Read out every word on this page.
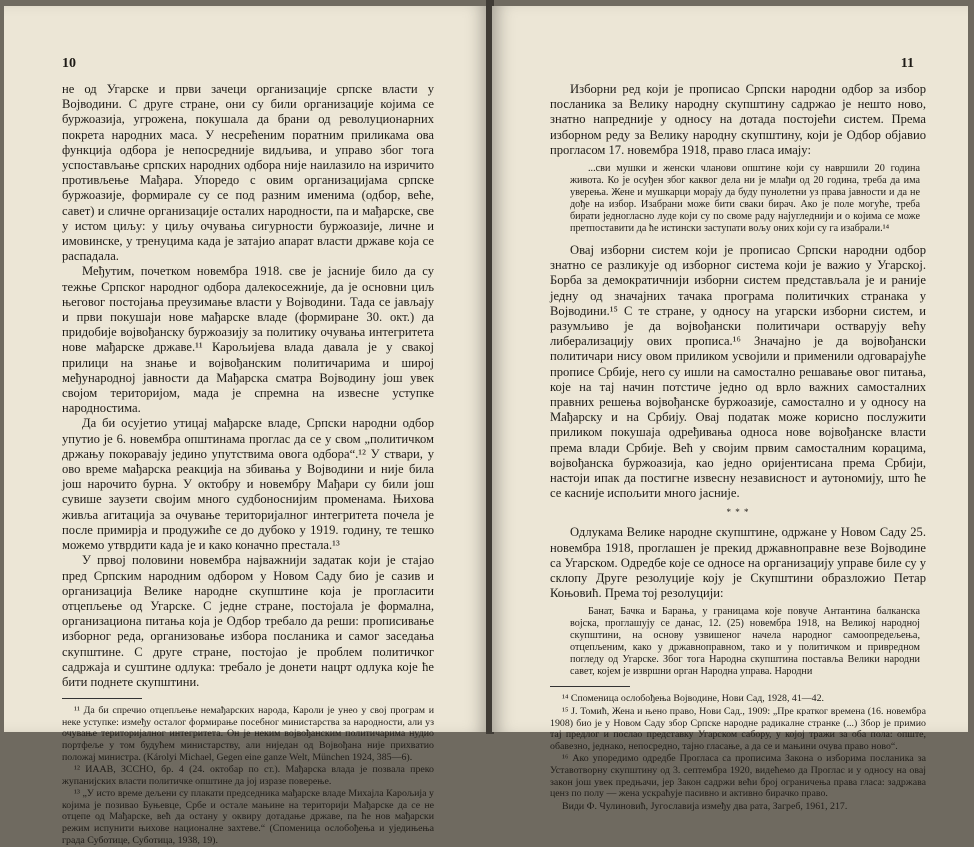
10

не од Угарске и први зачеци организације српске власти у Војводини. С друге стране, они су били организације којима се буржоазија, угрожена, покушала да брани од револуционарних покрета народних маса. У несрећеним поратним приликама ова функција одбора је непосредније видљива, и управо због тога успостављање српских народних одбора није наилазило на изричито противљење Мађара. Упоредо с овим организацијама српске буржоазије, формирале су се под разним именима (одбор, веће, савет) и сличне организације осталих народности, па и мађарске, све у истом циљу: у циљу очувања сигурности буржоазије, личне и имовинске, у тренуцима када је затајио апарат власти државе која се распадала.

Међутим, почетком новембра 1918. све је јасније било да су тежње Српског народног одбора далекосежније, да је основни циљ његовог постојања преузимање власти у Војводини. Тада се јављају и први покушаји нове мађарске владе (формиране 30. окт.) да придобије војвођанску буржоазију за политику очувања интегритета нове мађарске државе.¹¹ Карољијева влада давала је у свакој прилици на знање и војвођанским политичарима и широј међународној јавности да Мађарска сматра Војводину још увек својом територијом, мада је спремна на извесне уступке народностима.

Да би осујетио утицај мађарске владе, Српски народни одбор упутио је 6. новембра општинама проглас да се у свом „политичком држању покоравају једино упутствима овога одбора“.¹² У ствари, у ово време мађарска реакција на збивања у Војводини и није била још нарочито бурна. У октобру и новембру Мађари су били још сувише заузети својим много судбоноснијим променама. Њихова живља агитација за очување територијалног интегритета почела је после примирја и продужиће се до дубоко у 1919. годину, те тешко можемо утврдити када је и како коначно престала.¹³

У првој половини новембра најважнији задатак који је стајао пред Српским народним одбором у Новом Саду био је сазив и организација Велике народне скупштине која је прогласити отцепљење од Угарске. С једне стране, постојала је формална, организациона питања која је Одбор требало да реши: прописивање изборног реда, организовање избора посланика и самог заседања скупштине. С друге стране, постојао је проблем политичког садржаја и суштине одлука: требало је донети нацрт одлука које ће бити поднете скупштини.

¹¹ Да би спречио отцепљење немађарских народа, Кароли је унео у свој програм и неке уступке: између осталог формирање посебног министарства за народности, али уз очување територијалног интегритета. Он је неким војвођанским политичарима нудио портфеље у том будућем министарству, али ниједан од Војвођана није прихватио положај министра. (Károlyi Michael, Gegen eine ganze Welt, München 1924, 385—6).

¹² ИААВ, ЗССНО, бр. 4 (24. октобар по ст.). Мађарска влада је позвала преко жупанијских власти политичке општине да јој изразе поверење.

¹³ „У исто време дељени су плакати председника мађарске владе Михајла Карољија у којима је позивао Буњевце, Србе и остале мањине на територији Мађарске да се не отцепе од Мађарске, већ да остану у оквиру дотадање државе, па ће нов мађарски режим испунити њихове националне захтеве.“ (Споменица ослобођења и уједињења града Суботице, Суботица, 1938, 19).

11

Изборни ред који је прописао Српски народни одбор за избор посланика за Велику народну скупштину садржао је нешто ново, знатно напредније у односу на дотада постојећи систем. Према изборном реду за Велику народну скупштину, који је Одбор објавио прогласом 17. новембра 1918, право гласа имају:

...сви мушки и женски чланови општине који су навршили 20 година живота. Ко је осуђен због каквог дела ни је млађи од 20 година, треба да има уверења. Жене и мушкарци морају да буду пунолетни уз права јавности и да не дође на избор. Изабрани може бити сваки бирач. Ако је поле могуће, треба бирати једногласно луде који су по своме раду најугледнији и о којима се може претпоставити да ће истински заступати вољу оних који су га изабрали.¹⁴

Овај изборни систем који је прописао Српски народни одбор знатно се разликује од изборног система који је важио у Угарској. Борба за демократичнији изборни систем представљала је и раније једну од значајних тачака програма политичких странака у Војводини.¹⁵ С те стране, у односу на угарски изборни систем, и разумљиво је да војвођански политичари остварују већу либерализацију ових прописа.¹⁶ Значајно је да војвођански политичари нису овом приликом усвојили и применили одговарајуће прописе Србије, него су ишли на самостално решавање овог питања, које на тај начин потстиче једно од врло важних самосталних правних решења војвођанске буржоазије, самостално и у односу на Мађарску и на Србију. Овај податак може корисно послужити приликом покушаја одређивања односа нове војвођанске власти према влади Србије. Већ у својим првим самосталним корацима, војвођанска буржоазија, као једно оријентисана према Србији, настоји ипак да постигне извесну независност и аутономију, што ће се касније испољити много јасније.

* * *

Одлукама Велике народне скупштине, одржане у Новом Саду 25. новембра 1918, проглашен је прекид државноправне везе Војводине са Угарском. Одредбе које се односе на организацију управе биле су у склопу Друге резолуције коју је Скупштини образложио Петар Коњовић. Према тој резолуцији:

Банат, Бачка и Барања, у границама које повуче Антантина балканска војска, проглашују се данас, 12. (25) новембра 1918, на Великој народној скупштини, на основу узвишеног начела народног самоопредељења, отцепљеним, како у државноправном, тако и у политичком и привредном погледу од Угарске. Због тога Народна скупштина поставља Велики народни савет, којем је извршни орган Народна управа. Народни

¹⁴ Споменица ослобођења Војводине, Нови Сад, 1928, 41—42.

¹⁵ J. Томић, Жена и њено право, Нови Сад., 1909: „Пре кратког времена (16. новембра 1908) био је у Новом Саду збор Српске народне радикалне странке (...) Збор је примио тај предлог и послао представку Угарском сабору, у којој тражи за оба пола: опште, обавезно, једнако, непосредно, тајно гласање, а да се и мањини очува право ново“.

¹⁶ Ако упоредимо одредбе Прогласа са прописима Закона о изборима посланика за Уставотворну скупштину од 3. септембра 1920, видећемо да Проглас и у односу на овај закон још увек предњачи, јер Закон садржи већи број ограничења права гласа: задржава ценз по полу — жена ускраћује пасивно и активно бирачко право.

Види Ф. Чулиновић, Југославија између два рата, Загреб, 1961, 217.
